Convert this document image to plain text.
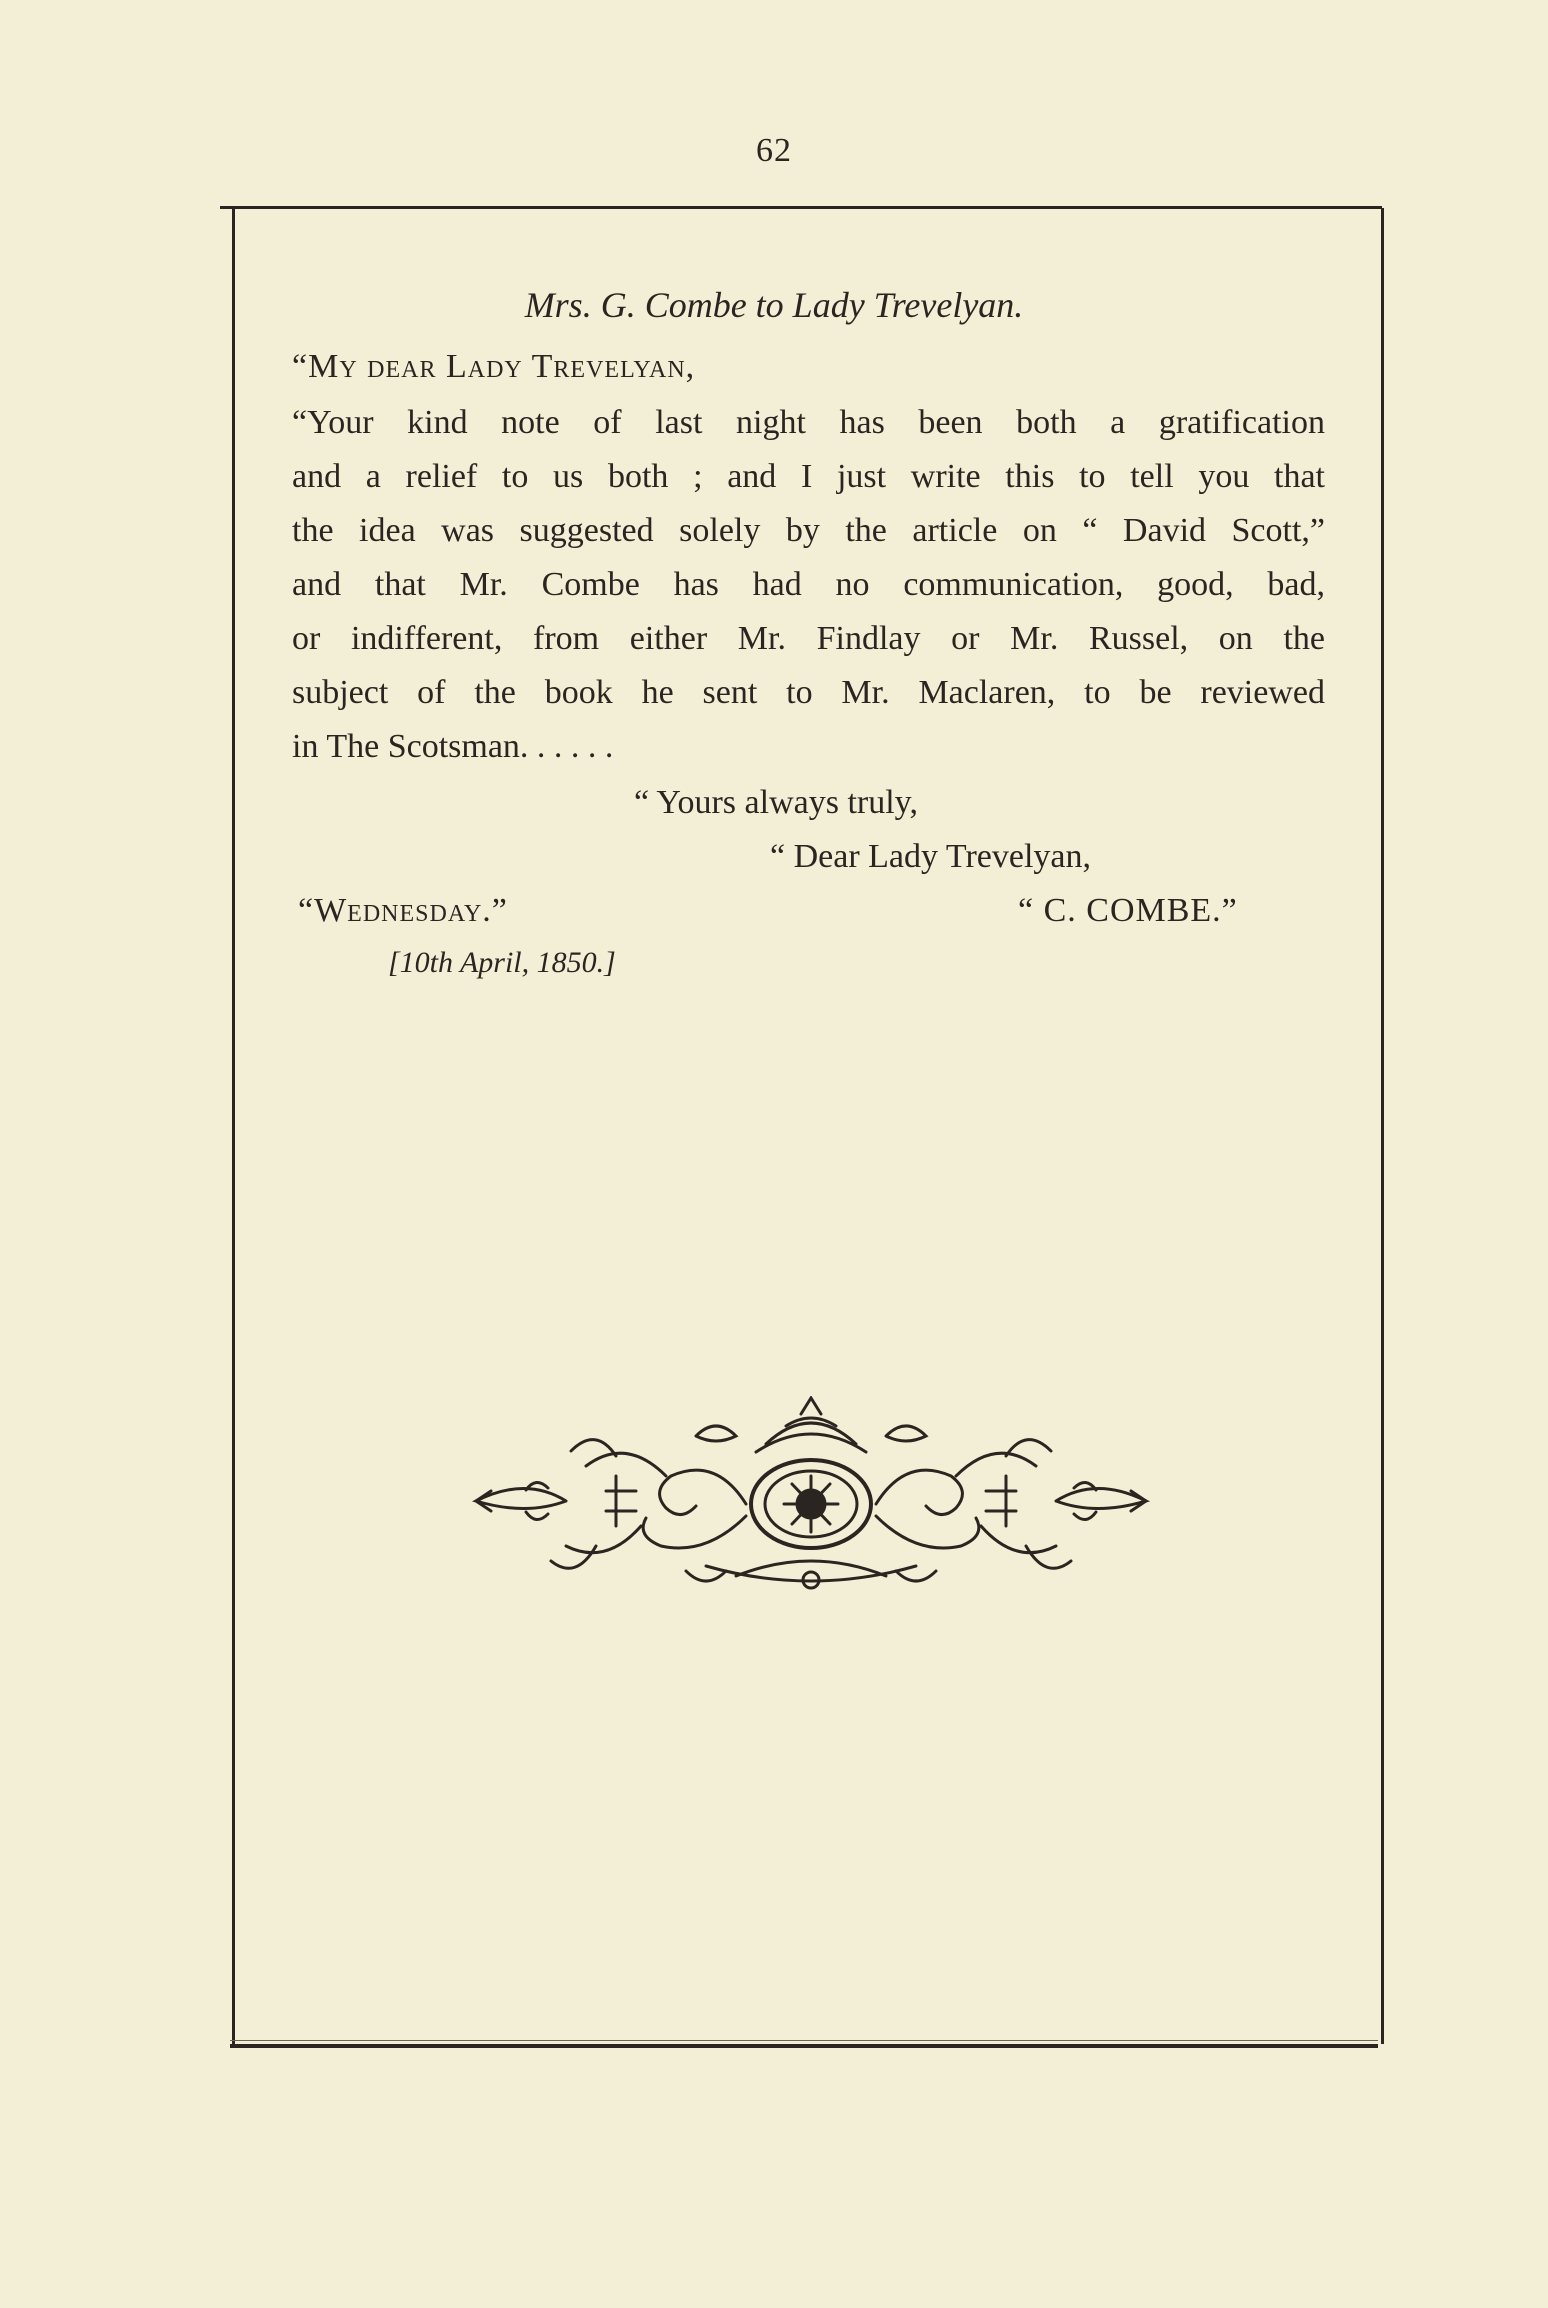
62
Mrs. G. Combe to Lady Trevelyan.
“My dear Lady Trevelyan,
“Your kind note of last night has been both a gratification
and a relief to us both ; and I just write this to tell you that
the idea was suggested solely by the article on “ David Scott,”
and that Mr. Combe has had no communication, good, bad,
or indifferent, from either Mr. Findlay or Mr. Russel, on the
subject of the book he sent to Mr. Maclaren, to be reviewed
in The Scotsman. . . . . .
“ Yours always truly,
“ Dear Lady Trevelyan,
“Wednesday.”	“ C. COMBE.”
[10th April, 1850.]
